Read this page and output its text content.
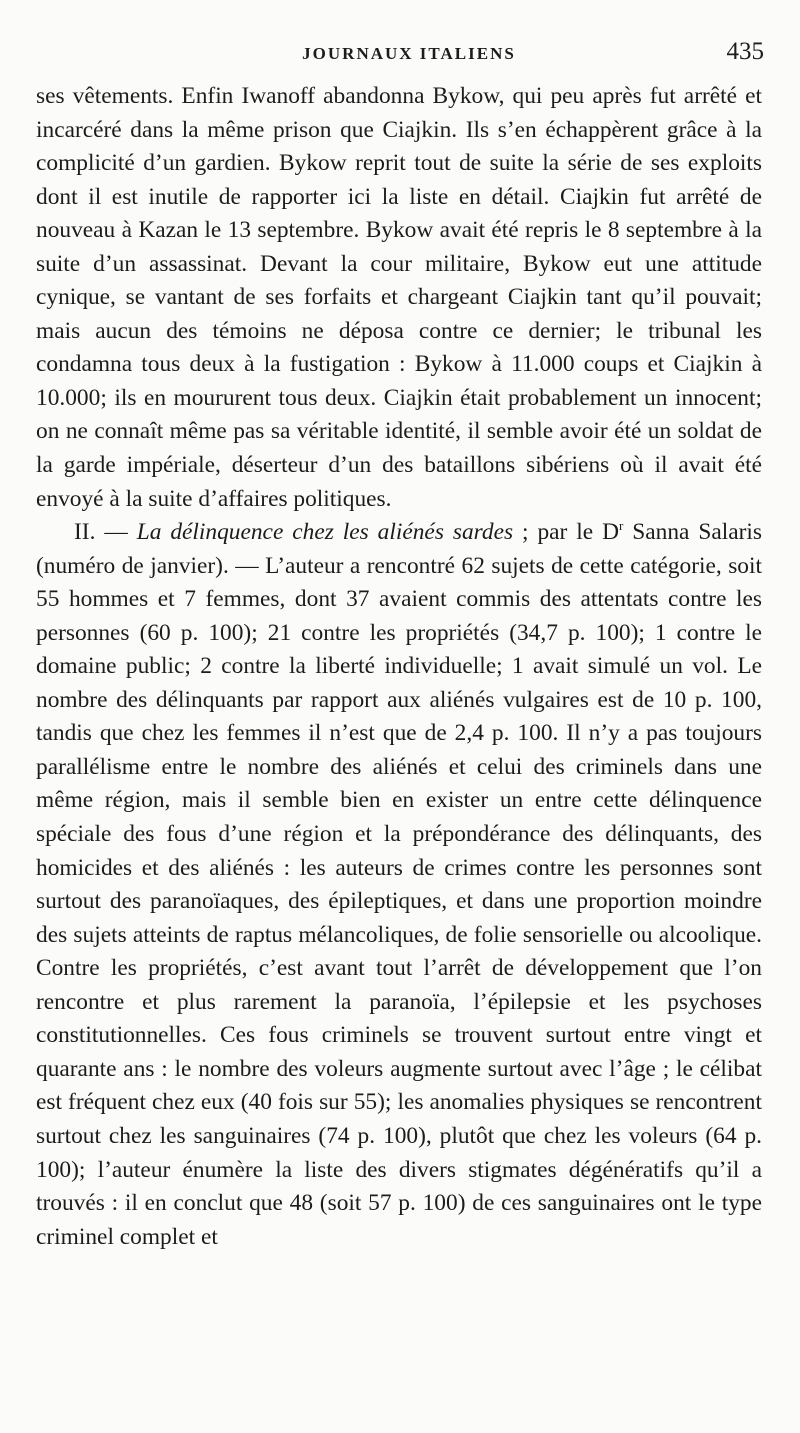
JOURNAUX ITALIENS	435

ses vêtements. Enfin Iwanoff abandonna Bykow, qui peu après fut arrêté et incarcéré dans la même prison que Ciajkin. Ils s’en échappèrent grâce à la complicité d’un gardien. Bykow reprit tout de suite la série de ses exploits dont il est inutile de rapporter ici la liste en détail. Ciajkin fut arrêté de nouveau à Kazan le 13 septembre. Bykow avait été repris le 8 septembre à la suite d’un assassinat. Devant la cour militaire, Bykow eut une attitude cynique, se vantant de ses forfaits et chargeant Ciajkin tant qu’il pouvait; mais aucun des témoins ne déposa contre ce dernier; le tribunal les condamna tous deux à la fustigation : Bykow à 11.000 coups et Ciajkin à 10.000; ils en moururent tous deux. Ciajkin était probablement un innocent; on ne connaît même pas sa véritable identité, il semble avoir été un soldat de la garde impériale, déserteur d’un des bataillons sibériens où il avait été envoyé à la suite d’affaires politiques.

II. — La délinquence chez les aliénés sardes ; par le $D^r$ Sanna Salaris (numéro de janvier). — L’auteur a rencontré 62 sujets de cette catégorie, soit 55 hommes et 7 femmes, dont 37 avaient commis des attentats contre les personnes (60 p. 100); 21 contre les propriétés (34,7 p. 100); 1 contre le domaine public; 2 contre la liberté individuelle; 1 avait simulé un vol. Le nombre des délinquants par rapport aux aliénés vulgaires est de 10 p. 100, tandis que chez les femmes il n’est que de 2,4 p. 100. Il n’y a pas toujours parallélisme entre le nombre des aliénés et celui des criminels dans une même région, mais il semble bien en exister un entre cette délinquence spéciale des fous d’une région et la prépondérance des délinquants, des homicides et des aliénés : les auteurs de crimes contre les personnes sont surtout des paranoïaques, des épileptiques, et dans une proportion moindre des sujets atteints de raptus mélancoliques, de folie sensorielle ou alcoolique. Contre les propriétés, c’est avant tout l’arrêt de développement que l’on rencontre et plus rarement la paranoïa, l’épilepsie et les psychoses constitutionnelles. Ces fous criminels se trouvent surtout entre vingt et quarante ans : le nombre des voleurs augmente surtout avec l’âge ; le célibat est fréquent chez eux (40 fois sur 55); les anomalies physiques se rencontrent surtout chez les sanguinaires (74 p. 100), plutôt que chez les voleurs (64 p. 100); l’auteur énumère la liste des divers stigmates dégénératifs qu’il a trouvés : il en conclut que 48 (soit 57 p. 100) de ces sanguinaires ont le type criminel complet et
